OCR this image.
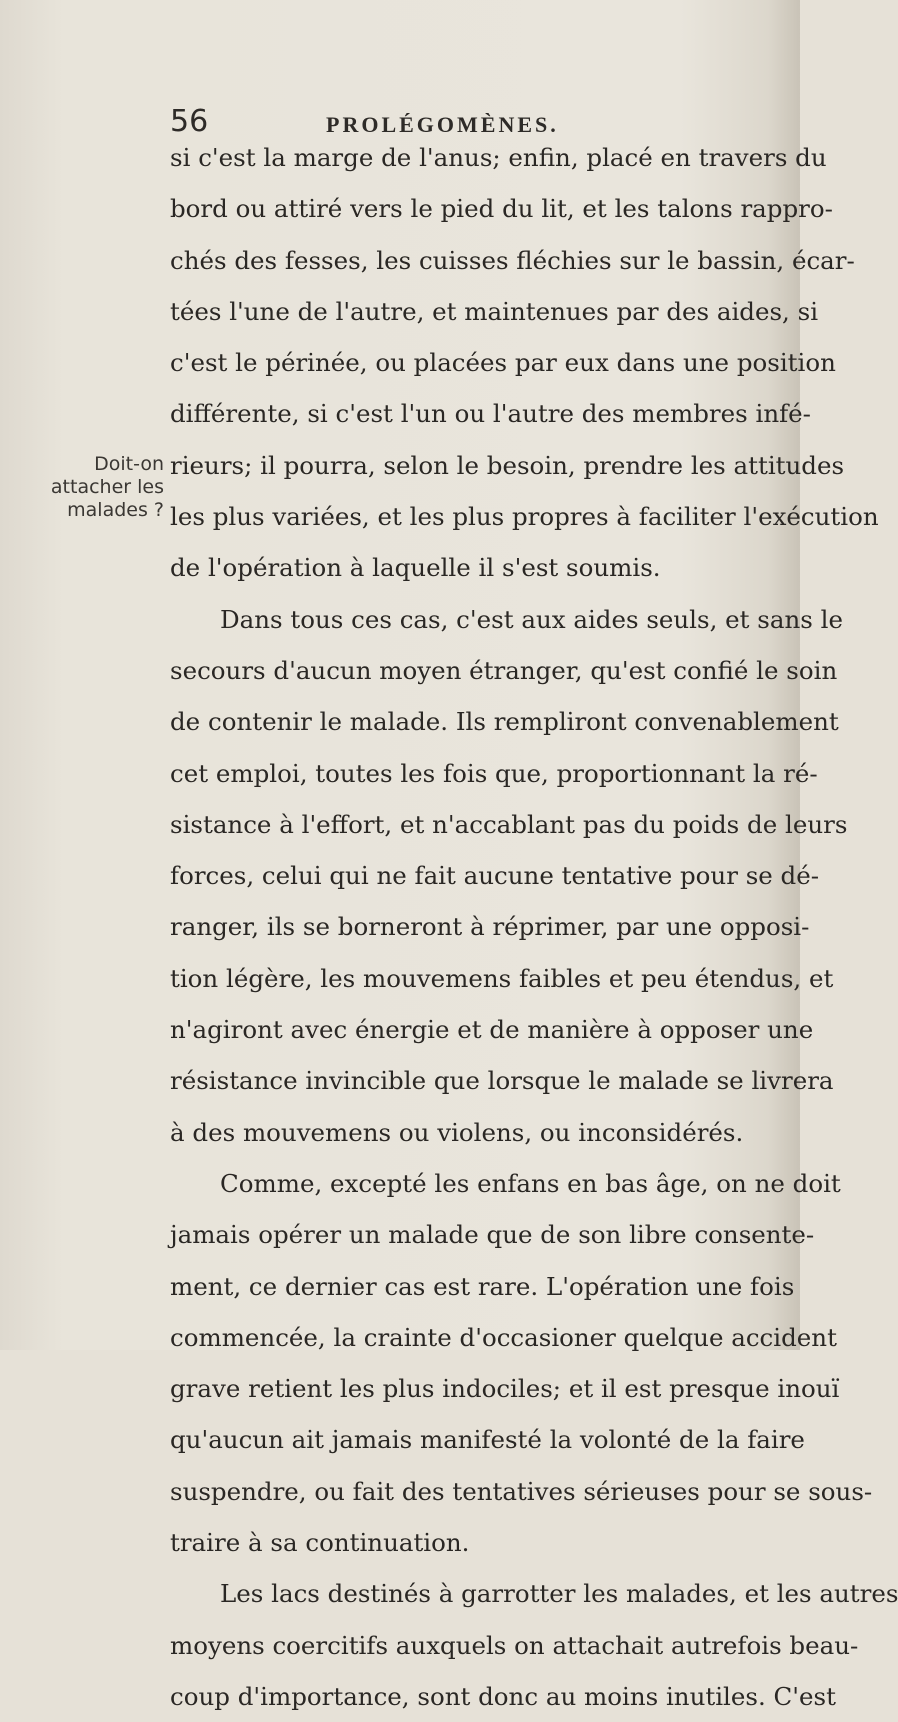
56	PROLÉGOMÈNES.
Doit-on
attacher les
malades ?
si c'est la marge de l'anus; enfin, placé en travers du
bord ou attiré vers le pied du lit, et les talons rappro-
chés des fesses, les cuisses fléchies sur le bassin, écar-
tées l'une de l'autre, et maintenues par des aides, si
c'est le périnée, ou placées par eux dans une position
différente, si c'est l'un ou l'autre des membres infé-
rieurs; il pourra, selon le besoin, prendre les attitudes
les plus variées, et les plus propres à faciliter l'exécution
de l'opération à laquelle il s'est soumis.
Dans tous ces cas, c'est aux aides seuls, et sans le
secours d'aucun moyen étranger, qu'est confié le soin
de contenir le malade. Ils rempliront convenablement
cet emploi, toutes les fois que, proportionnant la ré-
sistance à l'effort, et n'accablant pas du poids de leurs
forces, celui qui ne fait aucune tentative pour se dé-
ranger, ils se borneront à réprimer, par une opposi-
tion légère, les mouvemens faibles et peu étendus, et
n'agiront avec énergie et de manière à opposer une
résistance invincible que lorsque le malade se livrera
à des mouvemens ou violens, ou inconsidérés.
Comme, excepté les enfans en bas âge, on ne doit
jamais opérer un malade que de son libre consente-
ment, ce dernier cas est rare. L'opération une fois
commencée, la crainte d'occasioner quelque accident
grave retient les plus indociles; et il est presque inouï
qu'aucun ait jamais manifesté la volonté de la faire
suspendre, ou fait des tentatives sérieuses pour se sous-
traire à sa continuation.
Les lacs destinés à garrotter les malades, et les autres
moyens coercitifs auxquels on attachait autrefois beau-
coup d'importance, sont donc au moins inutiles. C'est
